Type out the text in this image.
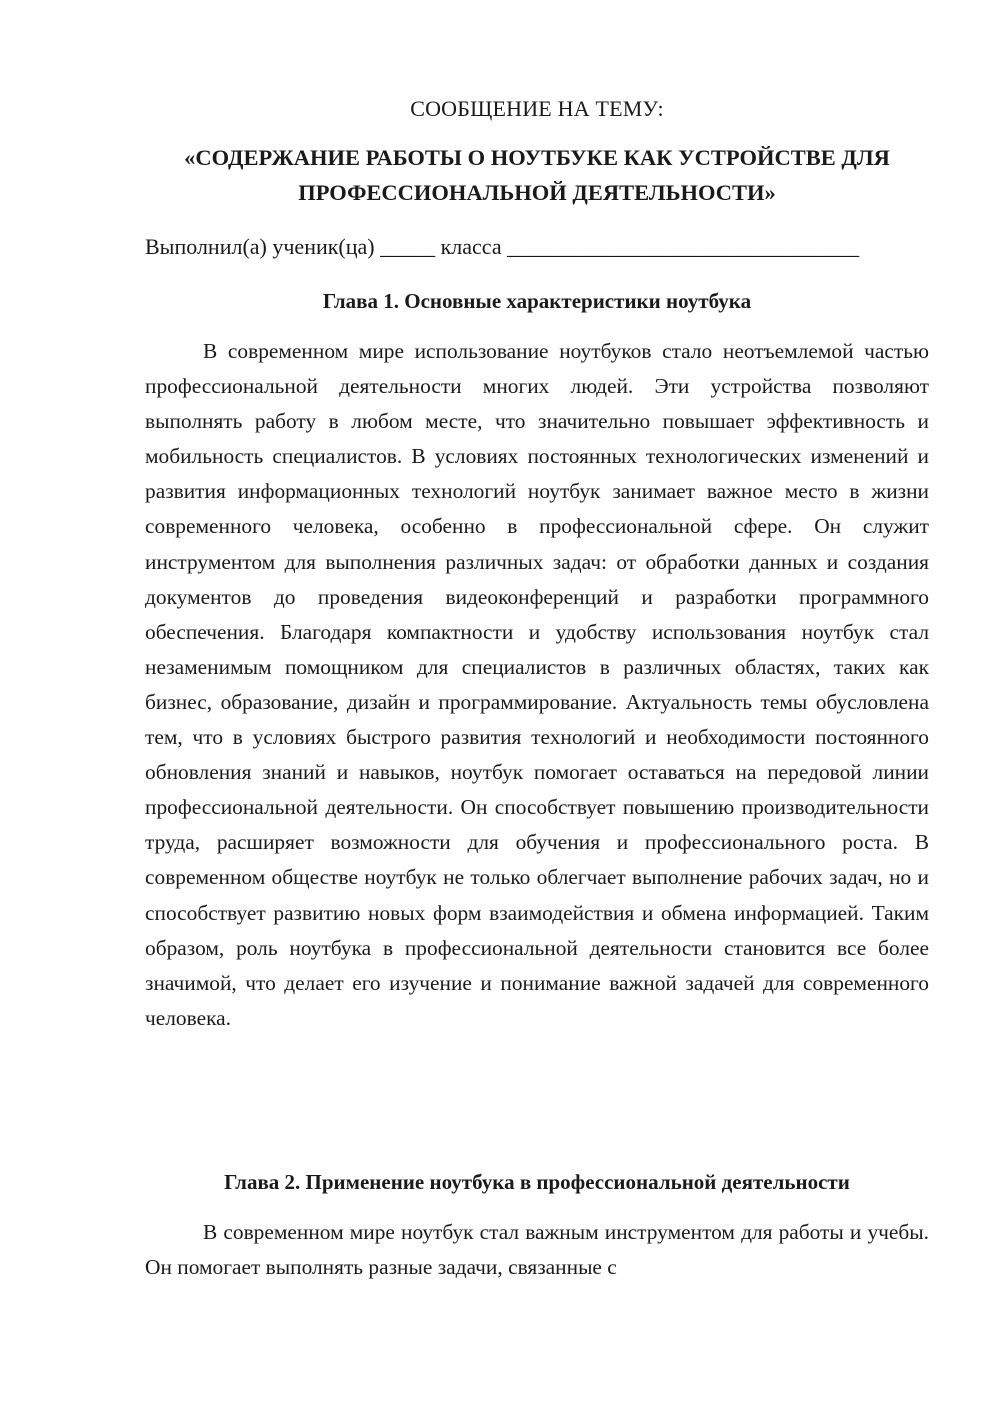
СООБЩЕНИЕ НА ТЕМУ:
«СОДЕРЖАНИЕ РАБОТЫ О НОУТБУКЕ КАК УСТРОЙСТВЕ ДЛЯ ПРОФЕССИОНАЛЬНОЙ ДЕЯТЕЛЬНОСТИ»
Выполнил(а) ученик(ца) _____ класса ________________________________
Глава 1. Основные характеристики ноутбука

В современном мире использование ноутбуков стало неотъемлемой частью профессиональной деятельности многих людей. Эти устройства позволяют выполнять работу в любом месте, что значительно повышает эффективность и мобильность специалистов. В условиях постоянных технологических изменений и развития информационных технологий ноутбук занимает важное место в жизни современного человека, особенно в профессиональной сфере. Он служит инструментом для выполнения различных задач: от обработки данных и создания документов до проведения видеоконференций и разработки программного обеспечения. Благодаря компактности и удобству использования ноутбук стал незаменимым помощником для специалистов в различных областях, таких как бизнес, образование, дизайн и программирование. Актуальность темы обусловлена тем, что в условиях быстрого развития технологий и необходимости постоянного обновления знаний и навыков, ноутбук помогает оставаться на передовой линии профессиональной деятельности. Он способствует повышению производительности труда, расширяет возможности для обучения и профессионального роста. В современном обществе ноутбук не только облегчает выполнение рабочих задач, но и способствует развитию новых форм взаимодействия и обмена информацией. Таким образом, роль ноутбука в профессиональной деятельности становится все более значимой, что делает его изучение и понимание важной задачей для современного человека.

Глава 2. Применение ноутбука в профессиональной деятельности

В современном мире ноутбук стал важным инструментом для работы и учебы. Он помогает выполнять разные задачи, связанные с
